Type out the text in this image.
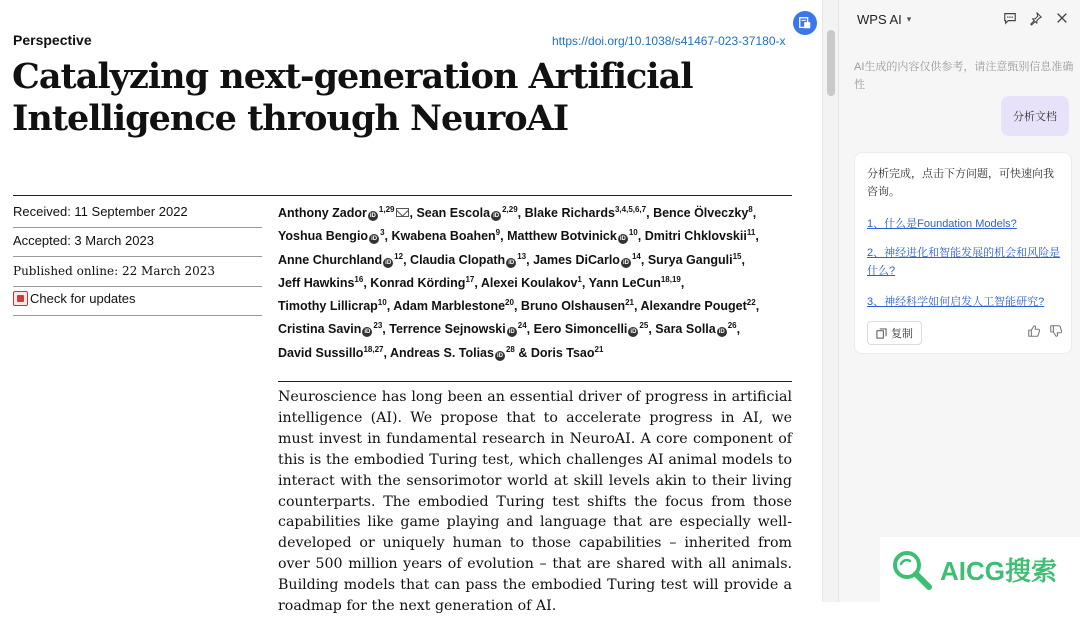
Perspective	https://doi.org/10.1038/s41467-023-37180-x
Catalyzing next-generation Artificial
Intelligence through NeuroAI
Received: 11 September 2022
Accepted: 3 March 2023
Published online: 22 March 2023
Check for updates
Anthony Zador iD$^{1,29}$ , Sean Escola iD$^{2,29}$, Blake Richards$^{3,4,5,6,7}$, Bence Ölveczky$^8$, Yoshua Bengio $iD^3$, Kwabena Boahen$^9$, Matthew Botvinick $iD^{10}$, Dmitri Chklovskii$^{11}$, Anne Churchland $iD^{12}$, Claudia Clopath $iD^{13}$, James DiCarlo $iD^{14}$, Surya Ganguli$^{15}$, Jeff Hawkins$^{16}$, Konrad Körding$^{17}$, Alexei Koulakov$^1$, Yann LeCun$^{18,19}$, Timothy Lillicrap$^{10}$, Adam Marblestone$^{20}$, Bruno Olshausen$^{21}$, Alexandre Pouget$^{22}$, Cristina Savin $iD^{23}$, Terrence Sejnowski $iD^{24}$, Eero Simoncelli $iD^{25}$, Sara Solla $iD^{26}$, David Sussillo$^{18,27}$, Andreas S. Tolias $iD^{28}$ & Doris Tsao$^{21}$
Neuroscience has long been an essential driver of progress in artificial intelligence (AI). We propose that to accelerate progress in AI, we must invest in fundamental research in NeuroAI. A core component of this is the embodied Turing test, which challenges AI animal models to interact with the sensorimotor world at skill levels akin to their living counterparts. The embodied Turing test shifts the focus from those capabilities like game playing and language that are especially well-developed or uniquely human to those capabilities – inherited from over 500 million years of evolution – that are shared with all animals. Building models that can pass the embodied Turing test will provide a roadmap for the next generation of AI.
WPS AI ▾
AI生成的内容仅供参考，请注意甄别信息准确性
分析文档
分析完成，点击下方问题，可快速向我咨询。
1、什么是Foundation Models?
2、神经进化和智能发展的机会和风险是什么?
3、神经科学如何启发人工智能研究?
复制
AICG搜索
